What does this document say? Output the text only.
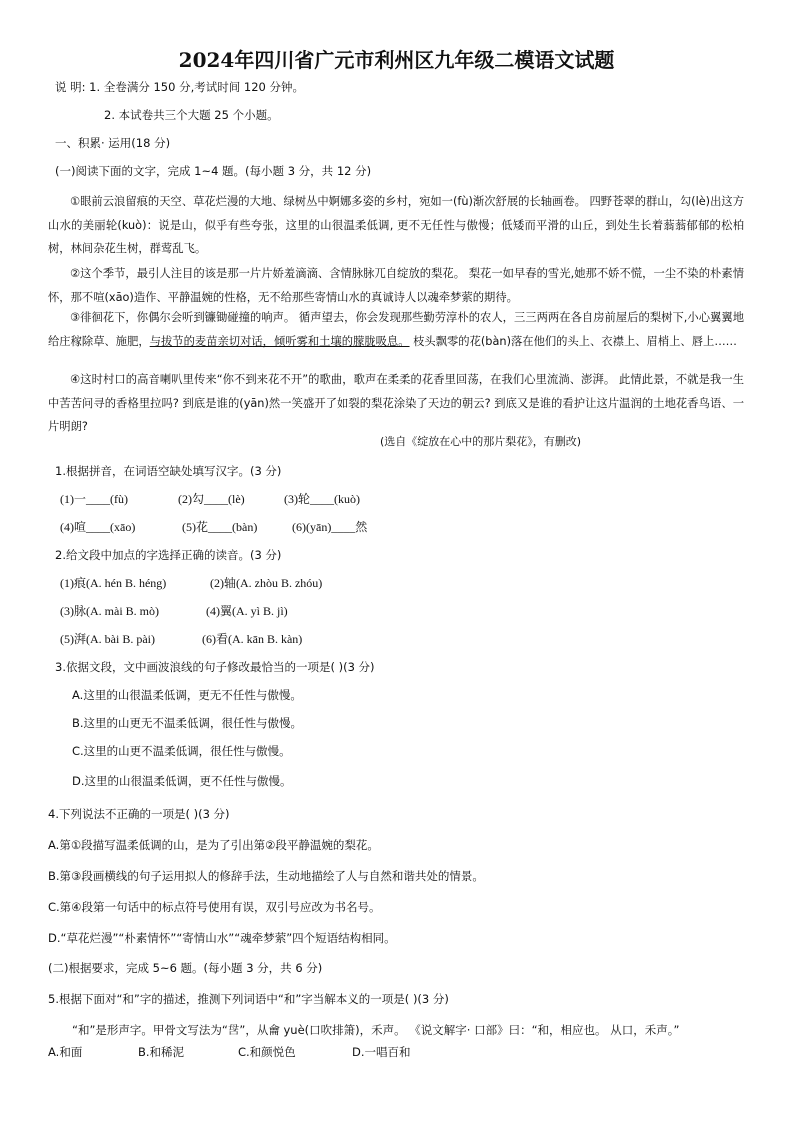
2024年四川省广元市利州区九年级二模语文试题
说 明: 1. 全卷满分 150 分,考试时间 120 分钟。
2. 本试卷共三个大题 25 个小题。
一、积累· 运用(18 分)
(一)阅读下面的文字，完成 1~4 题。(每小题 3 分，共 12 分)
①眼前云浪留痕的天空、草花烂漫的大地、绿树丛中婀娜多姿的乡村，宛如一(fù)渐次舒展的长轴画卷。 四野苍翠的群山，勾(lè)出这方山水的美丽轮(kuò)：说是山，似乎有些夸张，这里的山很温柔低调, 更不无任性与傲慢；低矮而平滑的山丘，到处生长着蓊蓊郁郁的松柏树，林间杂花生树，群莺乱飞。
②这个季节，最引人注目的该是那一片片娇羞滴滴、含情脉脉兀自绽放的梨花。 梨花一如早春的雪光,她那不娇不慌，一尘不染的朴素情怀，那不喧(xāo)造作、平静温婉的性格，无不给那些寄情山水的真诚诗人以魂牵梦萦的期待。
③徘徊花下，你偶尔会听到镰锄碰撞的响声。 循声望去，你会发现那些勤劳淳朴的农人，三三两两在各自房前屋后的梨树下,小心翼翼地给庄稼除草、施肥，与拔节的麦苗亲切对话，倾听雾和土壤的朦胧吸息。 枝头飘零的花(bàn)落在他们的头上、衣襟上、眉梢上、唇上……
④这时村口的高音喇叭里传来“你不到来花不开”的歌曲，歌声在柔柔的花香里回荡，在我们心里流淌、澎湃。 此情此景，不就是我一生中苦苦问寻的香格里拉吗? 到底是谁的(yān)然一笑盛开了如裂的梨花涂染了天边的朝云? 到底又是谁的看护让这片温润的土地花香鸟语、一片明朗?
(选自《绽放在心中的那片梨花》，有删改)
1.根据拼音，在词语空缺处填写汉字。(3 分)
(1)一____(fù)	(2)勾____(lè)	(3)轮____(kuò)
(4)喧____(xāo)	(5)花____(bàn)	(6)(yān)____然
2.给文段中加点的字选择正确的读音。(3 分)
(1)痕(A. hén B. héng)	(2)轴(A. zhòu B. zhóu)
(3)脉(A. mài B. mò)	(4)翼(A. yì B. jì)
(5)湃(A. bài B. pài)	(6)看(A. kān B. kàn)
3.依据文段，文中画波浪线的句子修改最恰当的一项是( )(3 分)
A.这里的山很温柔低调，更无不任性与傲慢。
B.这里的山更无不温柔低调，很任性与傲慢。
C.这里的山更不温柔低调，很任性与傲慢。
D.这里的山很温柔低调，更不任性与傲慢。
4.下列说法不正确的一项是( )(3 分)
A.第①段描写温柔低调的山，是为了引出第②段平静温婉的梨花。
B.第③段画横线的句子运用拟人的修辞手法，生动地描绘了人与自然和谐共处的情景。
C.第④段第一句话中的标点符号使用有误，双引号应改为书名号。
D.“草花烂漫”“朴素情怀”“寄情山水”“魂牵梦萦”四个短语结构相同。
(二)根据要求，完成 5~6 题。(每小题 3 分，共 6 分)
5.根据下面对“和”字的描述，推测下列词语中“和”字当解本义的一项是( )(3 分)
“和”是形声字。甲骨文写法为“𠰔”，从龠 yuè(口吹排箫)，禾声。 《说文解字· 口部》曰：“和，相应也。 从口，禾声。”
A.和面	B.和稀泥	C.和颜悦色	D.一唱百和
